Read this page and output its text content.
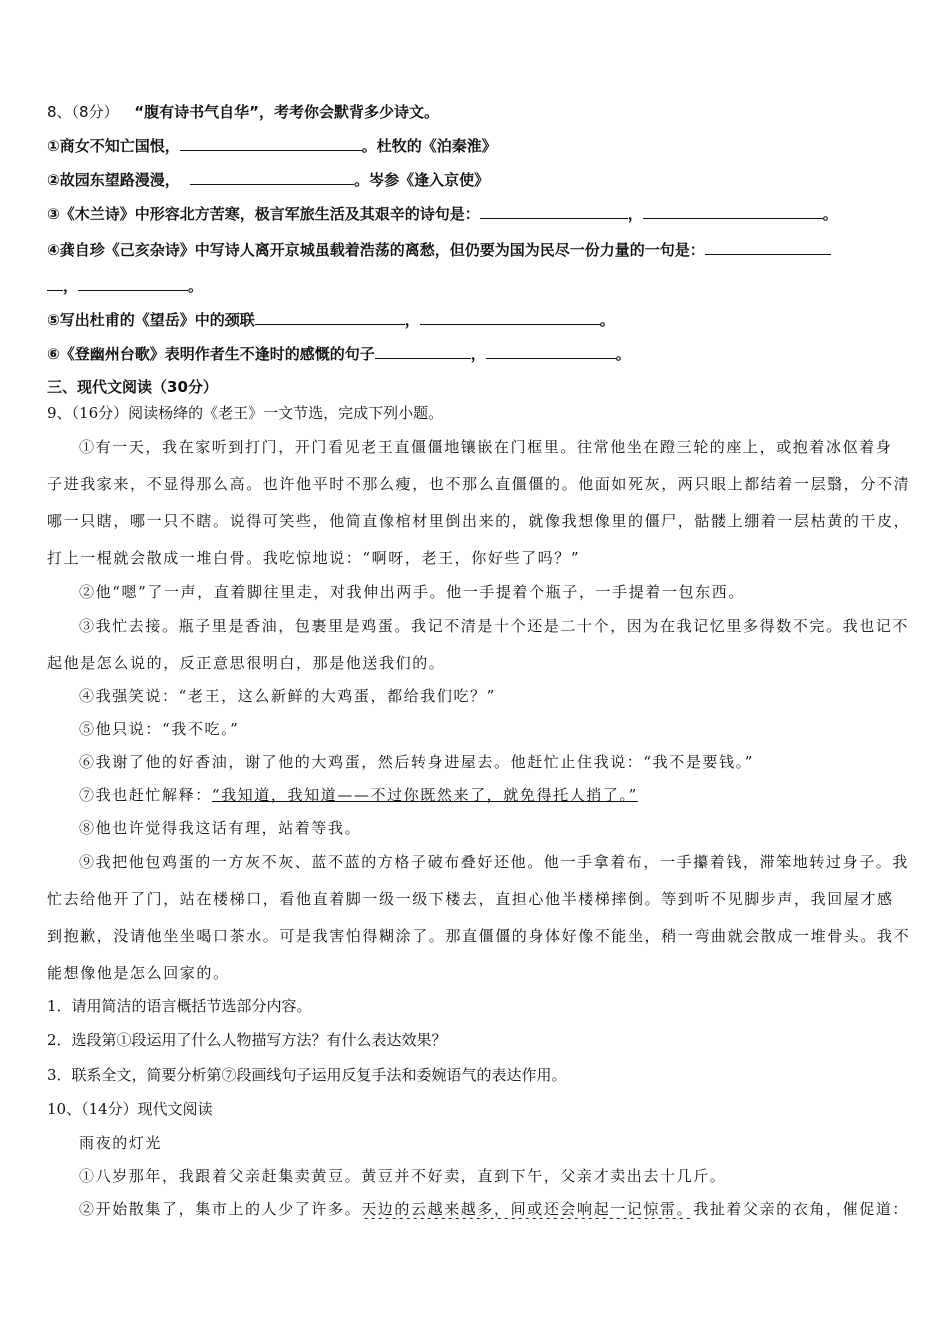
8、（8分） “腹有诗书气自华”，考考你会默背多少诗文。
①商女不知亡国恨，	。杜牧的《泊秦淮》
②故园东望路漫漫，	。岑参《逢入京使》
③《木兰诗》中形容北方苦寒，极言军旅生活及其艰辛的诗句是：	，	。
④龚自珍《己亥杂诗》中写诗人离开京城虽载着浩荡的离愁，但仍要为国为民尽一份力量的一句是：
，	。
⑤写出杜甫的《望岳》中的颈联	，	。
⑥《登幽州台歌》表明作者生不逢时的感慨的句子	，	。
三、现代文阅读（30分）
9、（16分）阅读杨绛的《老王》一文节选，完成下列小题。
①有一天，我在家听到打门，开门看见老王直僵僵地镶嵌在门框里。往常他坐在蹬三轮的座上，或抱着冰伛着身
子进我家来，不显得那么高。也许他平时不那么瘦，也不那么直僵僵的。他面如死灰，两只眼上都结着一层翳，分不清
哪一只瞎，哪一只不瞎。说得可笑些，他简直像棺材里倒出来的，就像我想像里的僵尸，骷髅上绷着一层枯黄的干皮，
打上一棍就会散成一堆白骨。我吃惊地说：“啊呀，老王，你好些了吗？”
②他“嗯”了一声，直着脚往里走，对我伸出两手。他一手提着个瓶子，一手提着一包东西。
③我忙去接。瓶子里是香油，包裹里是鸡蛋。我记不清是十个还是二十个，因为在我记忆里多得数不完。我也记不
起他是怎么说的，反正意思很明白，那是他送我们的。
④我强笑说：“老王，这么新鲜的大鸡蛋，都给我们吃？”
⑤他只说：“我不吃。”
⑥我谢了他的好香油，谢了他的大鸡蛋，然后转身进屋去。他赶忙止住我说：“我不是要钱。”
⑦我也赶忙解释：“我知道，我知道——不过你既然来了，就免得托人捎了。”
⑧他也许觉得我这话有理，站着等我。
⑨我把他包鸡蛋的一方灰不灰、蓝不蓝的方格子破布叠好还他。他一手拿着布，一手攥着钱，滞笨地转过身子。我
忙去给他开了门，站在楼梯口，看他直着脚一级一级下楼去，直担心他半楼梯摔倒。等到听不见脚步声，我回屋才感
到抱歉，没请他坐坐喝口茶水。可是我害怕得糊涂了。那直僵僵的身体好像不能坐，稍一弯曲就会散成一堆骨头。我不
能想像他是怎么回家的。
1．请用简洁的语言概括节选部分内容。
2．选段第①段运用了什么人物描写方法？有什么表达效果？
3．联系全文，简要分析第⑦段画线句子运用反复手法和委婉语气的表达作用。
10、（14分）现代文阅读
雨夜的灯光
①八岁那年，我跟着父亲赶集卖黄豆。黄豆并不好卖，直到下午，父亲才卖出去十几斤。
②开始散集了，集市上的人少了许多。天边的云越来越多，间或还会响起一记惊雷。我扯着父亲的衣角，催促道：
